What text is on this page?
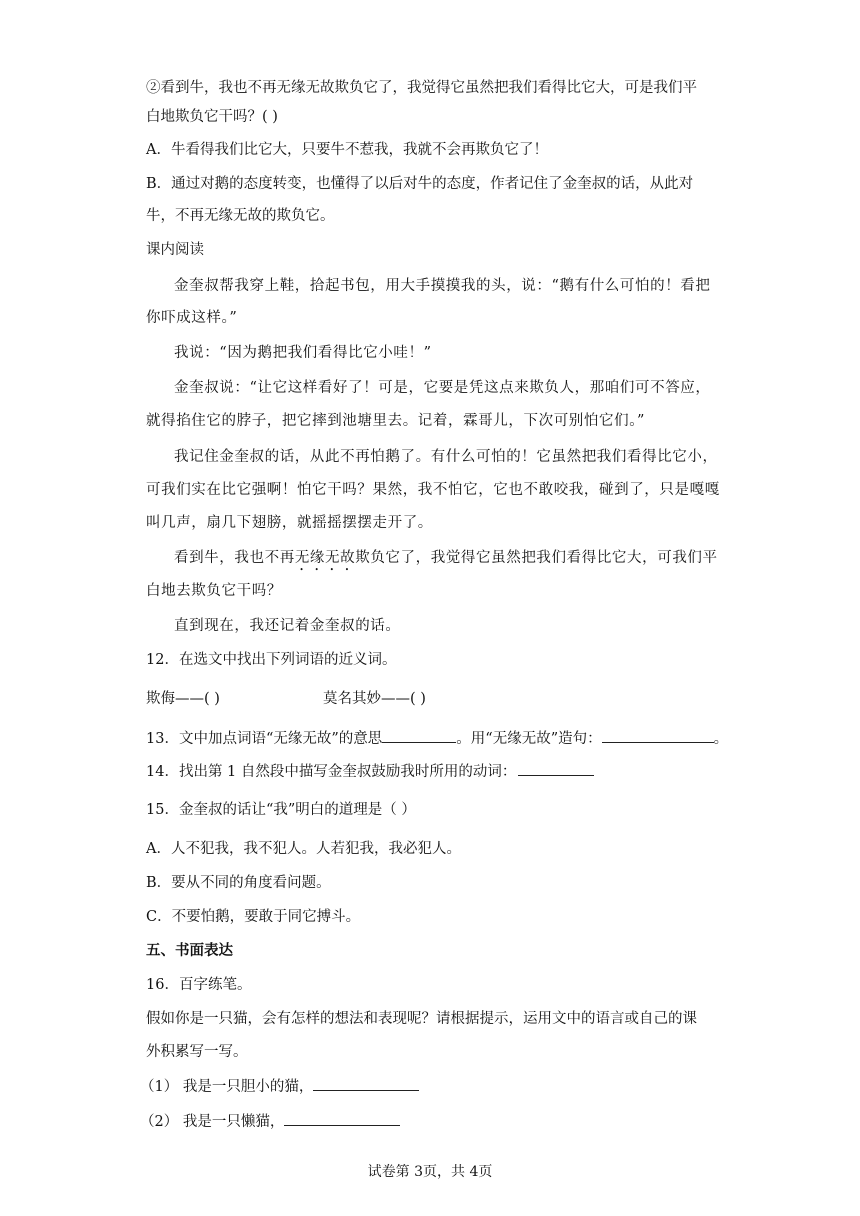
②看到牛，我也不再无缘无故欺负它了，我觉得它虽然把我们看得比它大，可是我们平
白地欺负它干吗？( )
A．牛看得我们比它大，只要牛不惹我，我就不会再欺负它了！
B．通过对鹅的态度转变，也懂得了以后对牛的态度，作者记住了金奎叔的话，从此对
牛，不再无缘无故的欺负它。
课内阅读
金奎叔帮我穿上鞋，拾起书包，用大手摸摸我的头，说：“鹅有什么可怕的！看把
你吓成这样。”
我说：“因为鹅把我们看得比它小哇！”
金奎叔说：“让它这样看好了！可是，它要是凭这点来欺负人，那咱们可不答应，
就得掐住它的脖子，把它摔到池塘里去。记着，霖哥儿，下次可别怕它们。”
我记住金奎叔的话，从此不再怕鹅了。有什么可怕的！它虽然把我们看得比它小，
可我们实在比它强啊！怕它干吗？果然，我不怕它，它也不敢咬我，碰到了，只是嘎嘎
叫几声，扇几下翅膀，就摇摇摆摆走开了。
看到牛，我也不再无缘无故欺负它了，我觉得它虽然把我们看得比它大，可我们平
白地去欺负它干吗？
直到现在，我还记着金奎叔的话。
12．在选文中找出下列词语的近义词。
欺侮——( )	莫名其妙——( )
13．文中加点词语“无缘无故”的意思	。用“无缘无故”造句：	。
14．找出第 1 自然段中描写金奎叔鼓励我时所用的动词：
15．金奎叔的话让“我”明白的道理是（ ）
A．人不犯我，我不犯人。人若犯我，我必犯人。
B．要从不同的角度看问题。
C．不要怕鹅，要敢于同它搏斗。
五、书面表达
16．百字练笔。
假如你是一只猫，会有怎样的想法和表现呢？请根据提示，运用文中的语言或自己的课
外积累写一写。
（1） 我是一只胆小的猫，
（2） 我是一只懒猫，
试卷第 3页，共 4页
